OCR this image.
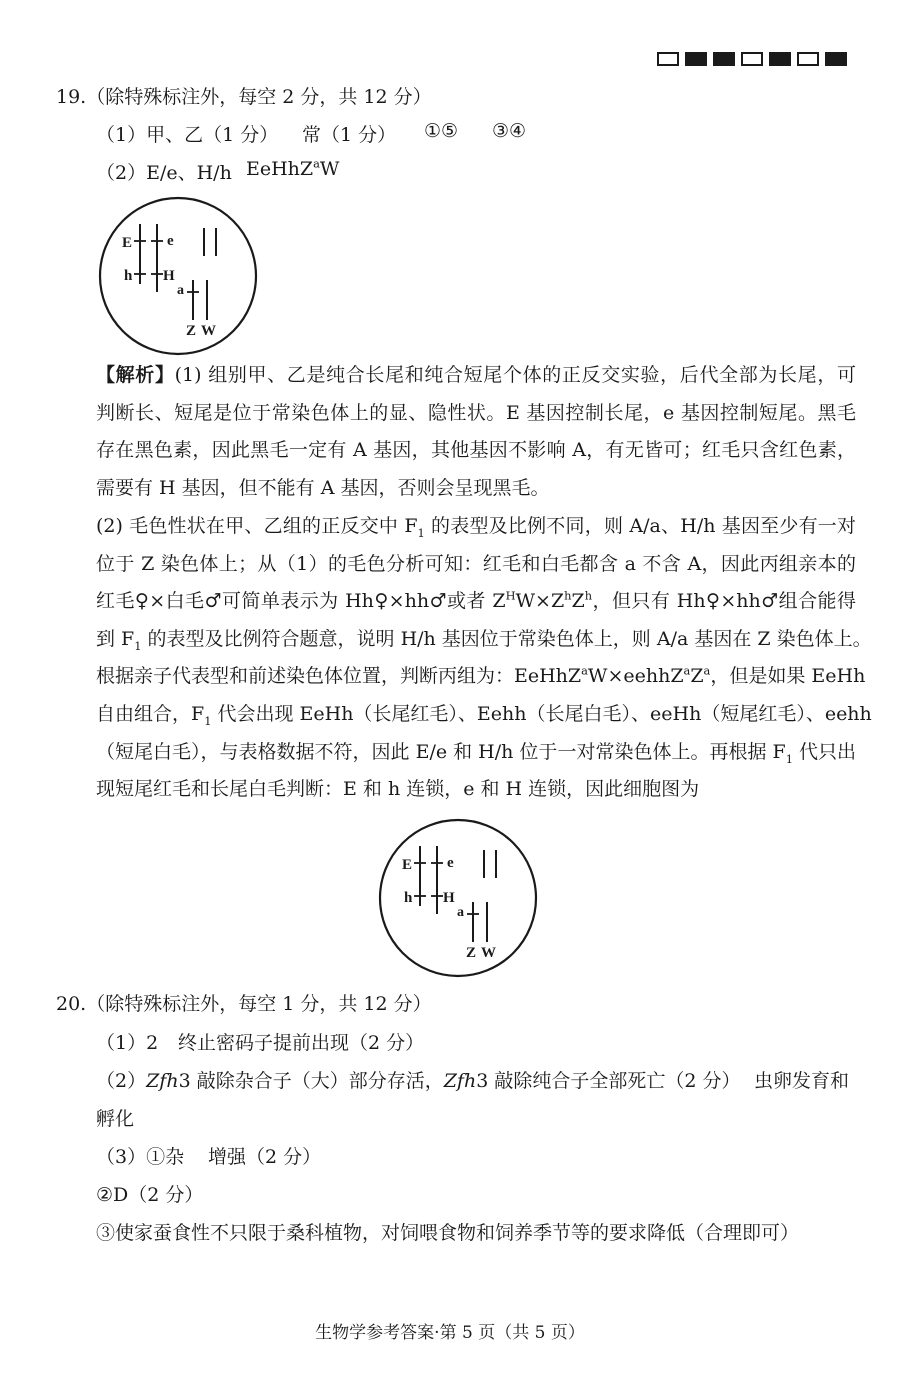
19.（除特殊标注外，每空 2 分，共 12 分）
（1）甲、乙（1 分） 常（1 分） ①⑤ ③④
（2）E/e、H/h EeHhZ$^a$W
E e
h H
a
Z W
【解析】(1) 组别甲、乙是纯合长尾和纯合短尾个体的正反交实验，后代全部为长尾，可
判断长、短尾是位于常染色体上的显、隐性状。E 基因控制长尾，e 基因控制短尾。黑毛
存在黑色素，因此黑毛一定有 A 基因，其他基因不影响 A，有无皆可；红毛只含红色素，
需要有 H 基因，但不能有 A 基因，否则会呈现黑毛。
(2) 毛色性状在甲、乙组的正反交中 $F_1$ 的表型及比例不同，则 A/a、H/h 基因至少有一对
位于 Z 染色体上；从（1）的毛色分析可知：红毛和白毛都含 a 不含 A，因此丙组亲本的
红毛♀×白毛♂可简单表示为 Hh♀×hh♂或者 $Z^HW\times Z^hZ^h$，但只有 Hh♀×hh♂组合能得
到 $F_1$ 的表型及比例符合题意，说明 H/h 基因位于常染色体上，则 A/a 基因在 Z 染色体上。
根据亲子代表型和前述染色体位置，判断丙组为：$EeHhZ^aW\times eehhZ^aZ^a$，但是如果 EeHh
自由组合，$F_1$ 代会出现 EeHh（长尾红毛）、Eehh（长尾白毛）、eeHh（短尾红毛）、eehh
（短尾白毛），与表格数据不符，因此 E/e 和 H/h 位于一对常染色体上。再根据 $F_1$ 代只出
现短尾红毛和长尾白毛判断：E 和 h 连锁，e 和 H 连锁，因此细胞图为
E e
h H
a
Z W
20.（除特殊标注外，每空 1 分，共 12 分）
（1）2 终止密码子提前出现（2 分）
（2）Zfh3 敲除杂合子（大）部分存活，Zfh3 敲除纯合子全部死亡（2 分） 虫卵发育和
孵化
（3）①杂 增强（2 分）
②D（2 分）
③使家蚕食性不只限于桑科植物，对饲喂食物和饲养季节等的要求降低（合理即可）
生物学参考答案·第 5 页（共 5 页）
